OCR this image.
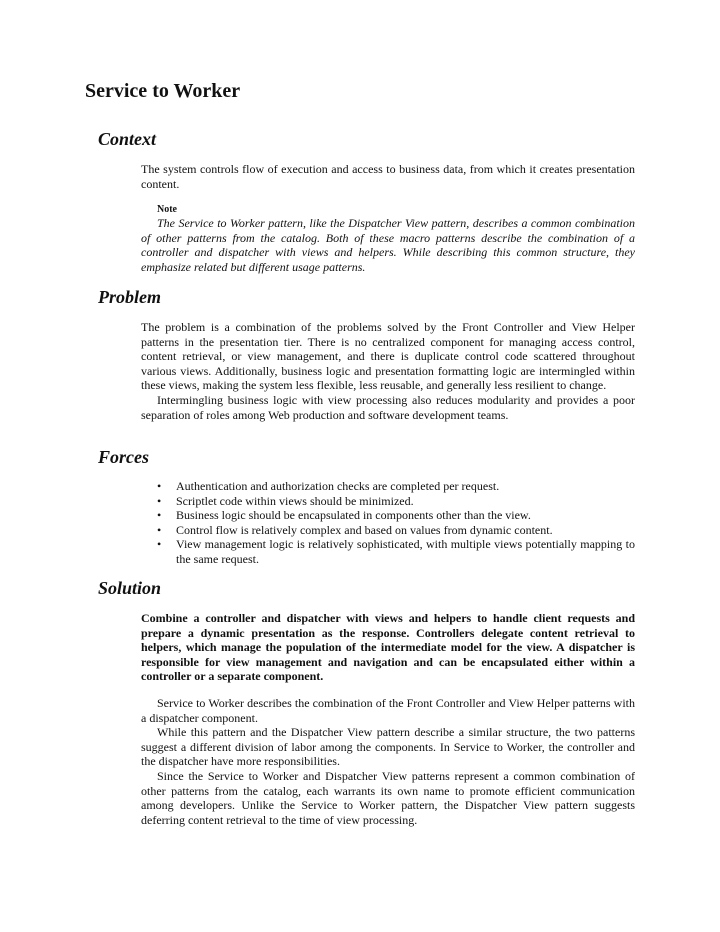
Service to Worker
Context

The system controls flow of execution and access to business data, from which it creates presentation content.

Note

The Service to Worker pattern, like the Dispatcher View pattern, describes a common combination of other patterns from the catalog. Both of these macro patterns describe the combination of a controller and dispatcher with views and helpers. While describing this common structure, they emphasize related but different usage patterns.

Problem

The problem is a combination of the problems solved by the Front Controller and View Helper patterns in the presentation tier. There is no centralized component for managing access control, content retrieval, or view management, and there is duplicate control code scattered throughout various views. Additionally, business logic and presentation formatting logic are intermingled within these views, making the system less flexible, less reusable, and generally less resilient to change.

Intermingling business logic with view processing also reduces modularity and provides a poor separation of roles among Web production and software development teams.

Forces
• Authentication and authorization checks are completed per request.
• Scriptlet code within views should be minimized.
• Business logic should be encapsulated in components other than the view.
• Control flow is relatively complex and based on values from dynamic content.
• View management logic is relatively sophisticated, with multiple views potentially mapping to the same request.
Solution

Combine a controller and dispatcher with views and helpers to handle client requests and prepare a dynamic presentation as the response. Controllers delegate content retrieval to helpers, which manage the population of the intermediate model for the view. A dispatcher is responsible for view management and navigation and can be encapsulated either within a controller or a separate component.

Service to Worker describes the combination of the Front Controller and View Helper patterns with a dispatcher component.

While this pattern and the Dispatcher View pattern describe a similar structure, the two patterns suggest a different division of labor among the components. In Service to Worker, the controller and the dispatcher have more responsibilities.

Since the Service to Worker and Dispatcher View patterns represent a common combination of other patterns from the catalog, each warrants its own name to promote efficient communication among developers. Unlike the Service to Worker pattern, the Dispatcher View pattern suggests deferring content retrieval to the time of view processing.
